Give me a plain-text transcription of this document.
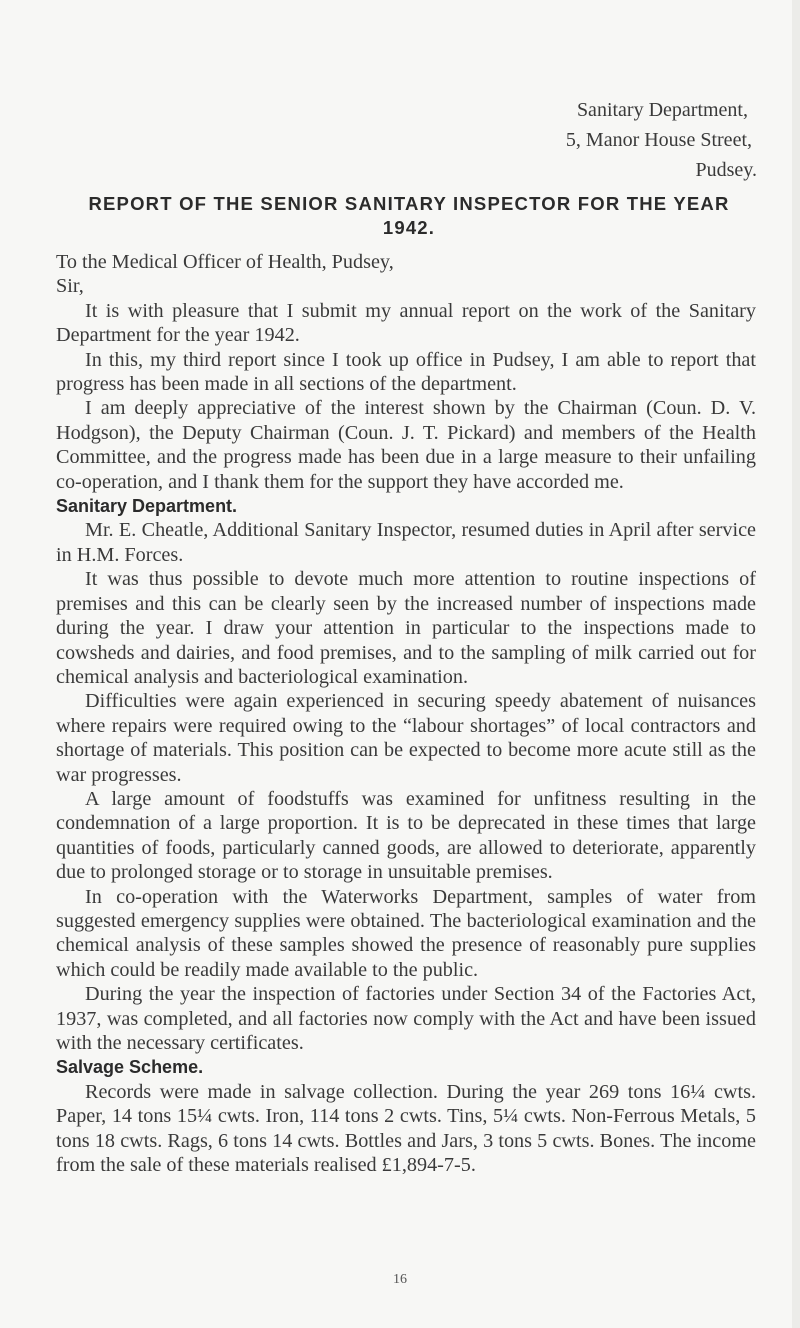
Sanitary Department,
5, Manor House Street,
Pudsey.
REPORT OF THE SENIOR SANITARY INSPECTOR FOR THE YEAR 1942.

To the Medical Officer of Health, Pudsey,

Sir,

It is with pleasure that I submit my annual report on the work of the Sanitary Department for the year 1942.

In this, my third report since I took up office in Pudsey, I am able to report that progress has been made in all sections of the department.

I am deeply appreciative of the interest shown by the Chairman (Coun. D. V. Hodgson), the Deputy Chairman (Coun. J. T. Pickard) and members of the Health Committee, and the progress made has been due in a large measure to their unfailing co-operation, and I thank them for the support they have accorded me.

Sanitary Department.

Mr. E. Cheatle, Additional Sanitary Inspector, resumed duties in April after service in H.M. Forces.

It was thus possible to devote much more attention to routine inspections of premises and this can be clearly seen by the increased number of inspections made during the year. I draw your attention in particular to the inspections made to cowsheds and dairies, and food premises, and to the sampling of milk carried out for chemical analysis and bacteriological examination.

Difficulties were again experienced in securing speedy abatement of nuisances where repairs were required owing to the “labour shortages” of local contractors and shortage of materials. This position can be expected to become more acute still as the war progresses.

A large amount of foodstuffs was examined for unfitness resulting in the condemnation of a large proportion. It is to be deprecated in these times that large quantities of foods, particularly canned goods, are allowed to deteriorate, apparently due to prolonged storage or to storage in unsuitable premises.

In co-operation with the Waterworks Department, samples of water from suggested emergency supplies were obtained. The bacteriological examination and the chemical analysis of these samples showed the presence of reasonably pure supplies which could be readily made available to the public.

During the year the inspection of factories under Section 34 of the Factories Act, 1937, was completed, and all factories now comply with the Act and have been issued with the necessary certificates.

Salvage Scheme.

Records were made in salvage collection. During the year 269 tons 16¼ cwts. Paper, 14 tons 15¼ cwts. Iron, 114 tons 2 cwts. Tins, 5¼ cwts. Non-Ferrous Metals, 5 tons 18 cwts. Rags, 6 tons 14 cwts. Bottles and Jars, 3 tons 5 cwts. Bones. The income from the sale of these materials realised £1,894-7-5.

16
